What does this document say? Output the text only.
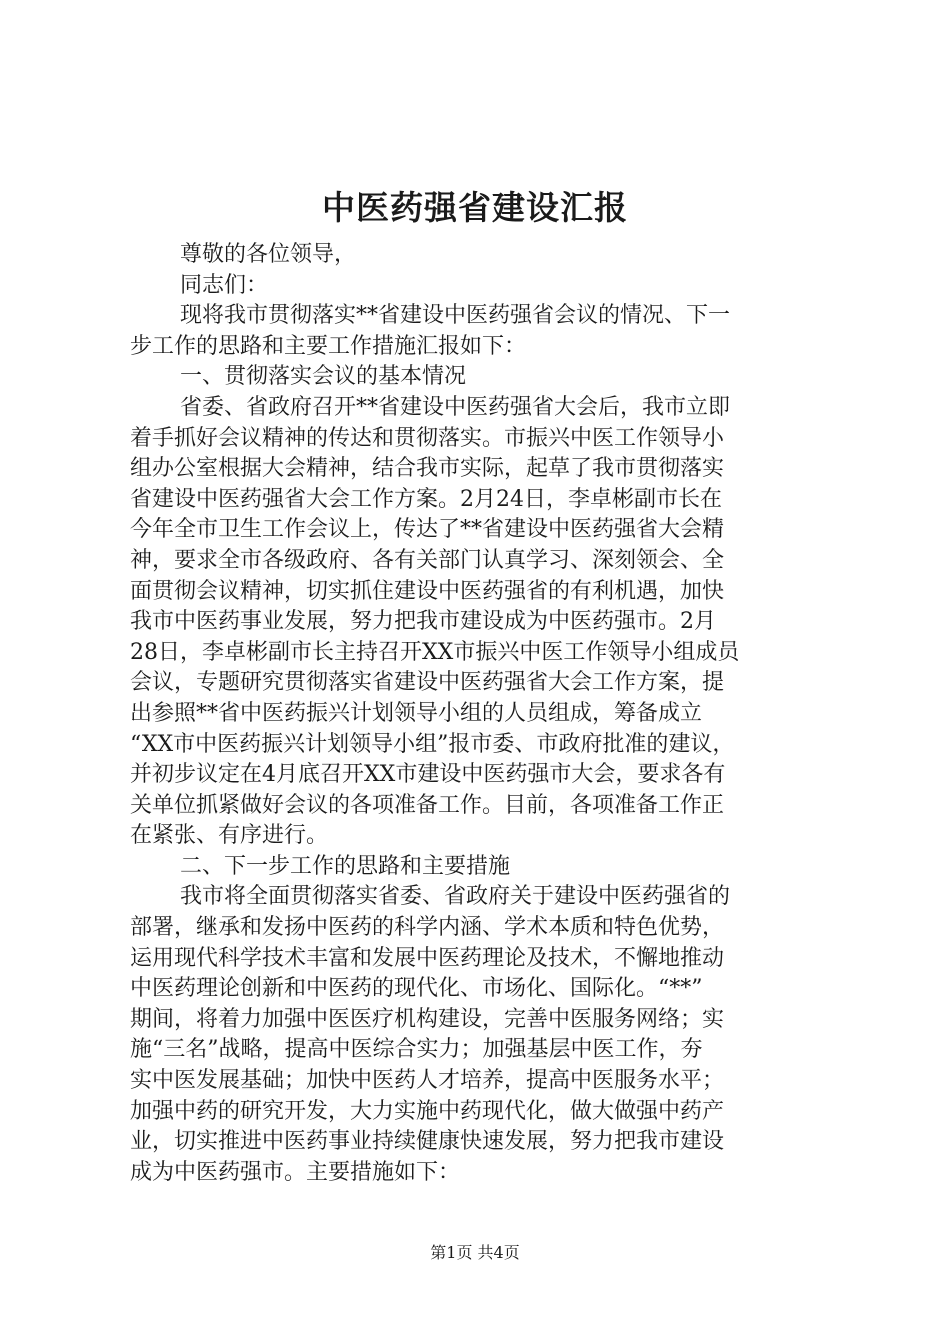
中医药强省建设汇报
尊敬的各位领导，
同志们：
现将我市贯彻落实**省建设中医药强省会议的情况、下一
步工作的思路和主要工作措施汇报如下：
一、贯彻落实会议的基本情况
省委、省政府召开**省建设中医药强省大会后，我市立即
着手抓好会议精神的传达和贯彻落实。市振兴中医工作领导小
组办公室根据大会精神，结合我市实际，起草了我市贯彻落实
省建设中医药强省大会工作方案。2月24日，李卓彬副市长在
今年全市卫生工作会议上，传达了**省建设中医药强省大会精
神，要求全市各级政府、各有关部门认真学习、深刻领会、全
面贯彻会议精神，切实抓住建设中医药强省的有利机遇，加快
我市中医药事业发展，努力把我市建设成为中医药强市。2月
28日，李卓彬副市长主持召开XX市振兴中医工作领导小组成员
会议，专题研究贯彻落实省建设中医药强省大会工作方案，提
出参照**省中医药振兴计划领导小组的人员组成，筹备成立
“XX市中医药振兴计划领导小组”报市委、市政府批准的建议，
并初步议定在4月底召开XX市建设中医药强市大会，要求各有
关单位抓紧做好会议的各项准备工作。目前，各项准备工作正
在紧张、有序进行。
二、下一步工作的思路和主要措施
我市将全面贯彻落实省委、省政府关于建设中医药强省的
部署，继承和发扬中医药的科学内涵、学术本质和特色优势，
运用现代科学技术丰富和发展中医药理论及技术，不懈地推动
中医药理论创新和中医药的现代化、市场化、国际化。“**”
期间，将着力加强中医医疗机构建设，完善中医服务网络；实
施“三名”战略，提高中医综合实力；加强基层中医工作，夯
实中医发展基础；加快中医药人才培养，提高中医服务水平；
加强中药的研究开发，大力实施中药现代化，做大做强中药产
业，切实推进中医药事业持续健康快速发展，努力把我市建设
成为中医药强市。主要措施如下：
第1页 共4页
